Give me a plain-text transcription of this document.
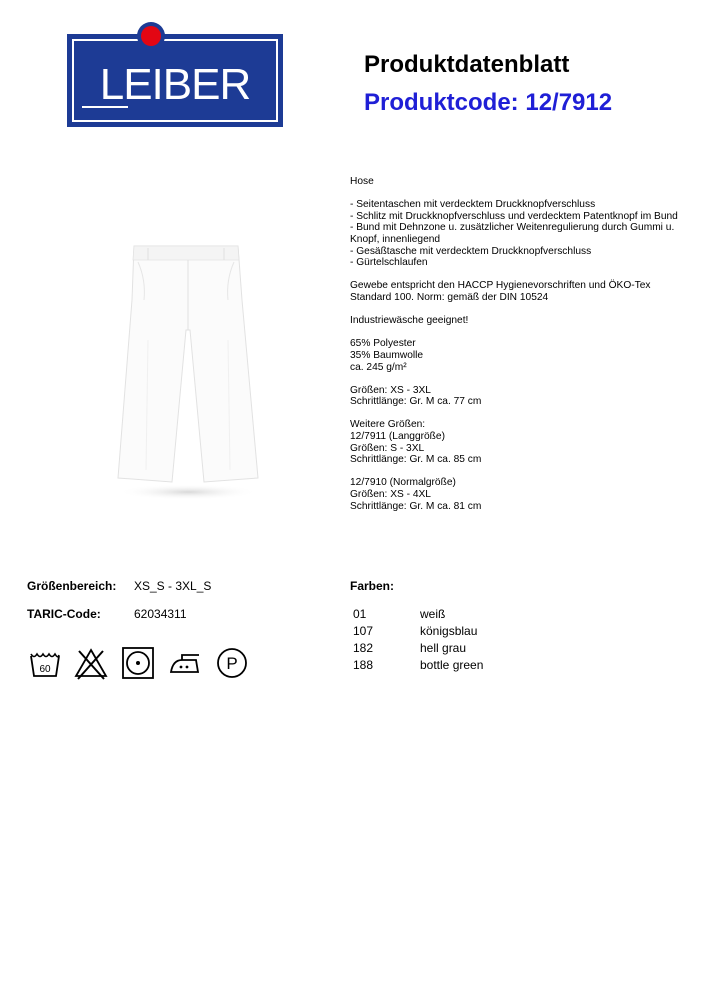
LEIBER	Produktdatenblatt
Produktcode: 12/7912
Hose
- Seitentaschen mit verdecktem Druckknopfverschluss
- Schlitz mit Druckknopfverschluss und verdecktem Patentknopf im Bund
- Bund mit Dehnzone u. zusätzlicher Weitenregulierung durch Gummi u. Knopf, innenliegend
- Gesäßtasche mit verdecktem Druckknopfverschluss
- Gürtelschlaufen
Gewebe entspricht den HACCP Hygienevorschriften und ÖKO-Tex Standard 100. Norm: gemäß der DIN 10524
Industriewäsche geeignet!
65% Polyester
35% Baumwolle
ca. 245 g/m²
Größen: XS - 3XL
Schrittlänge: Gr. M ca. 77 cm
Weitere Größen:
12/7911 (Langgröße)
Größen: S - 3XL
Schrittlänge: Gr. M ca. 85 cm
12/7910 (Normalgröße)
Größen: XS - 4XL
Schrittlänge: Gr. M ca. 81 cm
Größenbereich: XS_S - 3XL_S
TARIC-Code:	62034311
Farben:
01	weiß
107	königsblau
182	hell grau
188	bottle green
60	P
